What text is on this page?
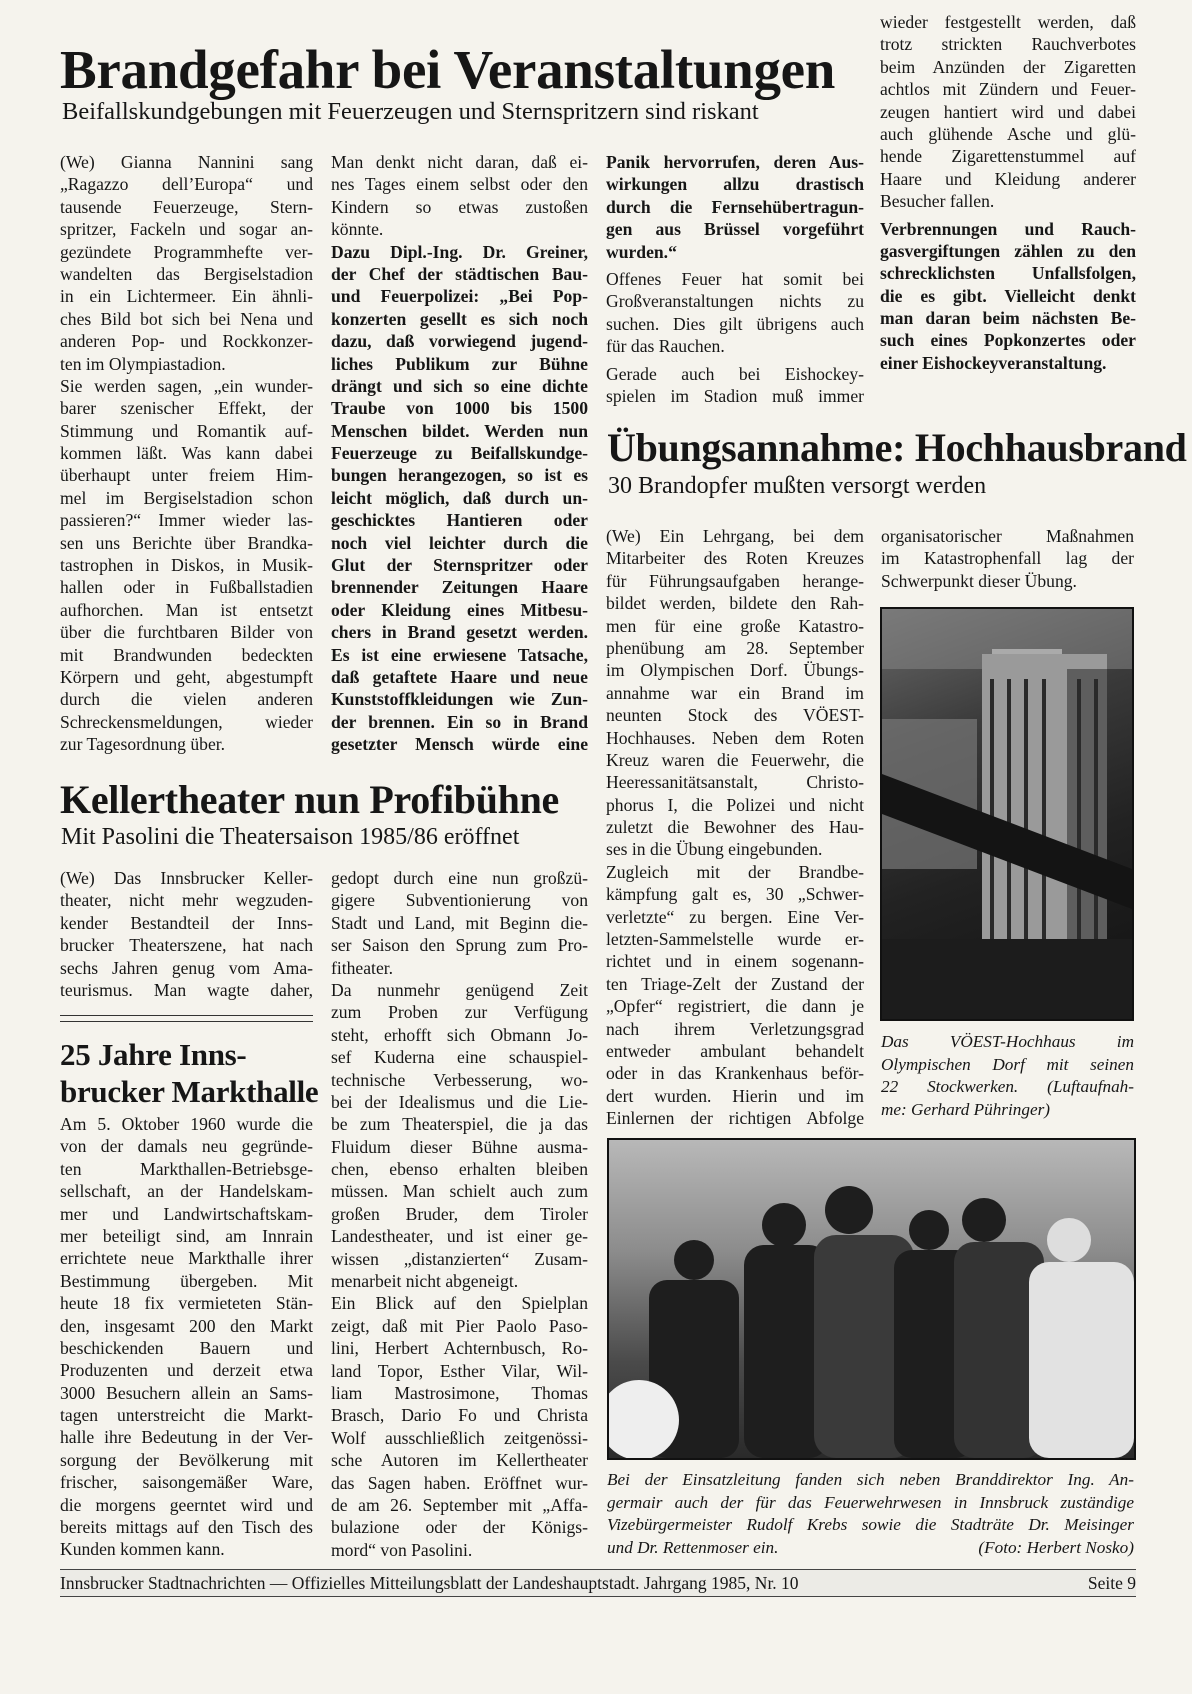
Brandgefahr bei Veranstaltungen
Beifallskundgebungen mit Feuerzeugen und Sternspritzern sind riskant
(We) Gianna Nannini sang
„Ragazzo dell’Europa“ und
tausende Feuerzeuge, Stern-
spritzer, Fackeln und sogar an-
gezündete Programmhefte ver-
wandelten das Bergiselstadion
in ein Lichtermeer. Ein ähnli-
ches Bild bot sich bei Nena und
anderen Pop- und Rockkonzer-
ten im Olympiastadion.
Sie werden sagen, „ein wunder-
barer szenischer Effekt, der
Stimmung und Romantik auf-
kommen läßt. Was kann dabei
überhaupt unter freiem Him-
mel im Bergiselstadion schon
passieren?“ Immer wieder las-
sen uns Berichte über Brandka-
tastrophen in Diskos, in Musik-
hallen oder in Fußballstadien
aufhorchen. Man ist entsetzt
über die furchtbaren Bilder von
mit Brandwunden bedeckten
Körpern und geht, abgestumpft
durch die vielen anderen
Schreckensmeldungen, wieder
zur Tagesordnung über.
Man denkt nicht daran, daß ei-
nes Tages einem selbst oder den
Kindern so etwas zustoßen
könnte.
Dazu Dipl.-Ing. Dr. Greiner,
der Chef der städtischen Bau-
und Feuerpolizei: „Bei Pop-
konzerten gesellt es sich noch
dazu, daß vorwiegend jugend-
liches Publikum zur Bühne
drängt und sich so eine dichte
Traube von 1000 bis 1500
Menschen bildet. Werden nun
Feuerzeuge zu Beifallskundge-
bungen herangezogen, so ist es
leicht möglich, daß durch un-
geschicktes Hantieren oder
noch viel leichter durch die
Glut der Sternspritzer oder
brennender Zeitungen Haare
oder Kleidung eines Mitbesu-
chers in Brand gesetzt werden.
Es ist eine erwiesene Tatsache,
daß getaftete Haare und neue
Kunststoffkleidungen wie Zun-
der brennen. Ein so in Brand
gesetzter Mensch würde eine
Panik hervorrufen, deren Aus-
wirkungen allzu drastisch
durch die Fernsehübertragun-
gen aus Brüssel vorgeführt
wurden.“
Offenes Feuer hat somit bei
Großveranstaltungen nichts zu
suchen. Dies gilt übrigens auch
für das Rauchen.
Gerade auch bei Eishockey-
spielen im Stadion muß immer
wieder festgestellt werden, daß
trotz strickten Rauchverbotes
beim Anzünden der Zigaretten
achtlos mit Zündern und Feuer-
zeugen hantiert wird und dabei
auch glühende Asche und glü-
hende Zigarettenstummel auf
Haare und Kleidung anderer
Besucher fallen.
Verbrennungen und Rauch-
gasvergiftungen zählen zu den
schrecklichsten Unfallsfolgen,
die es gibt. Vielleicht denkt
man daran beim nächsten Be-
such eines Popkonzertes oder
einer Eishockeyveranstaltung.
Übungsannahme: Hochhausbrand
30 Brandopfer mußten versorgt werden
(We) Ein Lehrgang, bei dem
Mitarbeiter des Roten Kreuzes
für Führungsaufgaben herange-
bildet werden, bildete den Rah-
men für eine große Katastro-
phenübung am 28. September
im Olympischen Dorf. Übungs-
annahme war ein Brand im
neunten Stock des VÖEST-
Hochhauses. Neben dem Roten
Kreuz waren die Feuerwehr, die
Heeressanitätsanstalt, Christo-
phorus I, die Polizei und nicht
zuletzt die Bewohner des Hau-
ses in die Übung eingebunden.
Zugleich mit der Brandbe-
kämpfung galt es, 30 „Schwer-
verletzte“ zu bergen. Eine Ver-
letzten-Sammelstelle wurde er-
richtet und in einem sogenann-
ten Triage-Zelt der Zustand der
„Opfer“ registriert, die dann je
nach ihrem Verletzungsgrad
entweder ambulant behandelt
oder in das Krankenhaus beför-
dert wurden. Hierin und im
Einlernen der richtigen Abfolge
organisatorischer Maßnahmen
im Katastrophenfall lag der
Schwerpunkt dieser Übung.
Das VÖEST-Hochhaus im
Olympischen Dorf mit seinen
22 Stockwerken. (Luftaufnah-
me: Gerhard Pühringer)
Bei der Einsatzleitung fanden sich neben Branddirektor Ing. An-
germair auch der für das Feuerwehrwesen in Innsbruck zuständige
Vizebürgermeister Rudolf Krebs sowie die Stadträte Dr. Meisinger
und Dr. Rettenmoser ein.	(Foto: Herbert Nosko)
Kellertheater nun Profibühne
Mit Pasolini die Theatersaison 1985/86 eröffnet
(We) Das Innsbrucker Keller-
theater, nicht mehr wegzuden-
kender Bestandteil der Inns-
brucker Theaterszene, hat nach
sechs Jahren genug vom Ama-
teurismus. Man wagte daher,
gedopt durch eine nun großzü-
gigere Subventionierung von
Stadt und Land, mit Beginn die-
ser Saison den Sprung zum Pro-
fitheater.
Da nunmehr genügend Zeit
zum Proben zur Verfügung
steht, erhofft sich Obmann Jo-
sef Kuderna eine schauspiel-
technische Verbesserung, wo-
bei der Idealismus und die Lie-
be zum Theaterspiel, die ja das
Fluidum dieser Bühne ausma-
chen, ebenso erhalten bleiben
müssen. Man schielt auch zum
großen Bruder, dem Tiroler
Landestheater, und ist einer ge-
wissen „distanzierten“ Zusam-
menarbeit nicht abgeneigt.
Ein Blick auf den Spielplan
zeigt, daß mit Pier Paolo Paso-
lini, Herbert Achternbusch, Ro-
land Topor, Esther Vilar, Wil-
liam Mastrosimone, Thomas
Brasch, Dario Fo und Christa
Wolf ausschließlich zeitgenössi-
sche Autoren im Kellertheater
das Sagen haben. Eröffnet wur-
de am 26. September mit „Affa-
bulazione oder der Königs-
mord“ von Pasolini.
25 Jahre Inns-
brucker Markthalle
Am 5. Oktober 1960 wurde die
von der damals neu gegründe-
ten Markthallen-Betriebsge-
sellschaft, an der Handelskam-
mer und Landwirtschaftskam-
mer beteiligt sind, am Innrain
errichtete neue Markthalle ihrer
Bestimmung übergeben. Mit
heute 18 fix vermieteten Stän-
den, insgesamt 200 den Markt
beschickenden Bauern und
Produzenten und derzeit etwa
3000 Besuchern allein an Sams-
tagen unterstreicht die Markt-
halle ihre Bedeutung in der Ver-
sorgung der Bevölkerung mit
frischer, saisongemäßer Ware,
die morgens geerntet wird und
bereits mittags auf den Tisch des
Kunden kommen kann.
Innsbrucker Stadtnachrichten — Offizielles Mitteilungsblatt der Landeshauptstadt. Jahrgang 1985, Nr. 10	Seite 9
